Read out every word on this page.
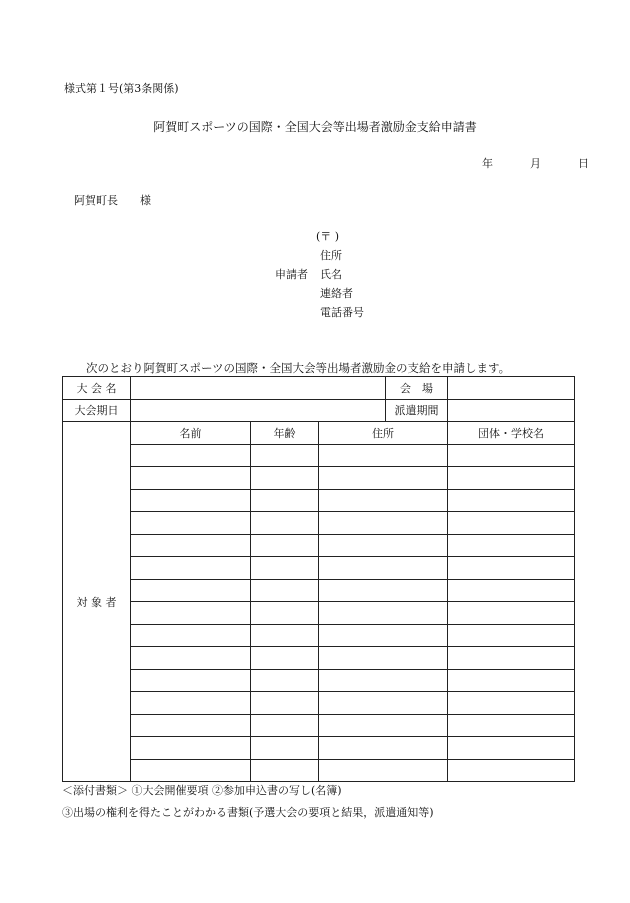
様式第１号(第3条関係)
阿賀町スポーツの国際・全国大会等出場者激励金支給申請書
年	月	日
阿賀町長　　様
(〒 )
住所
申請者 氏名
連絡者
電話番号
次のとおり阿賀町スポーツの国際・全国大会等出場者激励金の支給を申請します。
大 会 名				会　場	
大会期日				派遣期間	
対 象 者	名前	年齢	住所		団体・学校名

＜添付書類＞ ①大会開催要項 ②参加申込書の写し(名簿)
③出場の権利を得たことがわかる書類(予選大会の要項と結果，派遣通知等)
